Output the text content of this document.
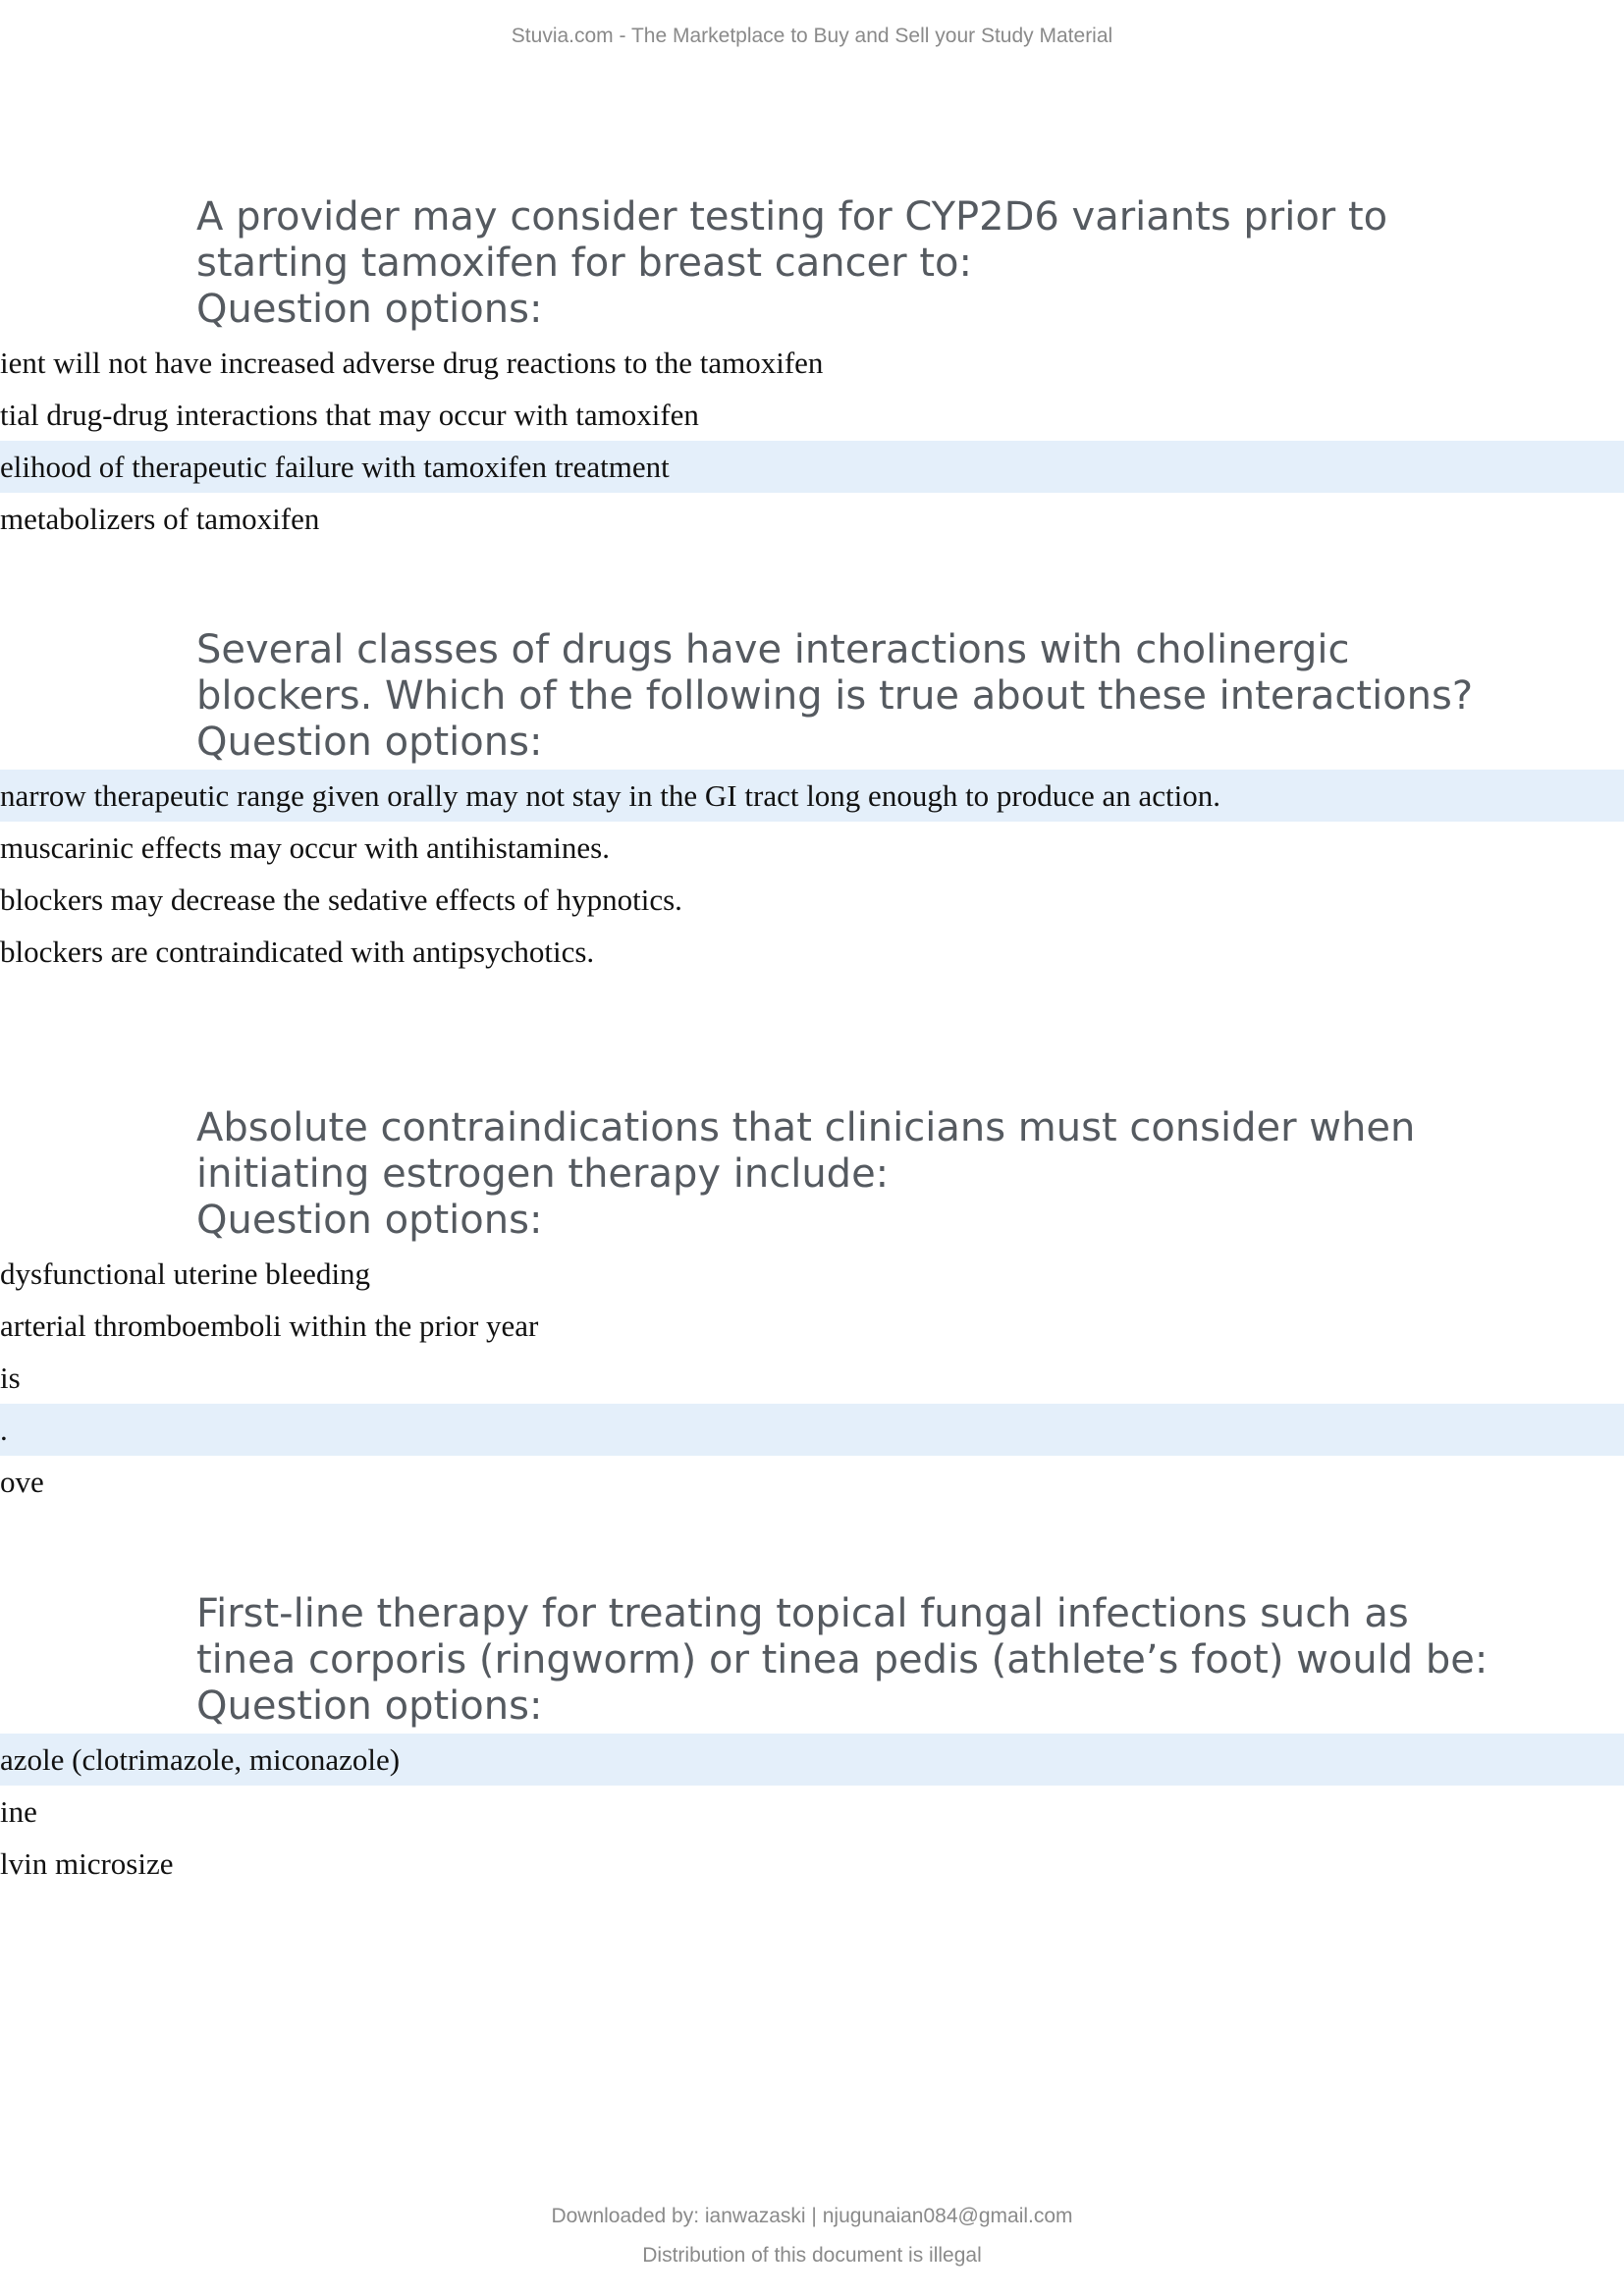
Stuvia.com - The Marketplace to Buy and Sell your Study Material
A provider may consider testing for CYP2D6 variants prior to starting tamoxifen for breast cancer to:
Question options:
ient will not have increased adverse drug reactions to the tamoxifen
tial drug-drug interactions that may occur with tamoxifen
elihood of therapeutic failure with tamoxifen treatment
metabolizers of tamoxifen
Several classes of drugs have interactions with cholinergic blockers. Which of the following is true about these interactions?
Question options:
narrow therapeutic range given orally may not stay in the GI tract long enough to produce an action.
muscarinic effects may occur with antihistamines.
blockers may decrease the sedative effects of hypnotics.
blockers are contraindicated with antipsychotics.
Absolute contraindications that clinicians must consider when initiating estrogen therapy include:
Question options:
dysfunctional uterine bleeding
arterial thromboemboli within the prior year
is
.
ove
First-line therapy for treating topical fungal infections such as tinea corporis (ringworm) or tinea pedis (athlete’s foot) would be:
Question options:
azole (clotrimazole, miconazole)
ine
lvin microsize
Downloaded by: ianwazaski | njugunaian084@gmail.com
Distribution of this document is illegal
